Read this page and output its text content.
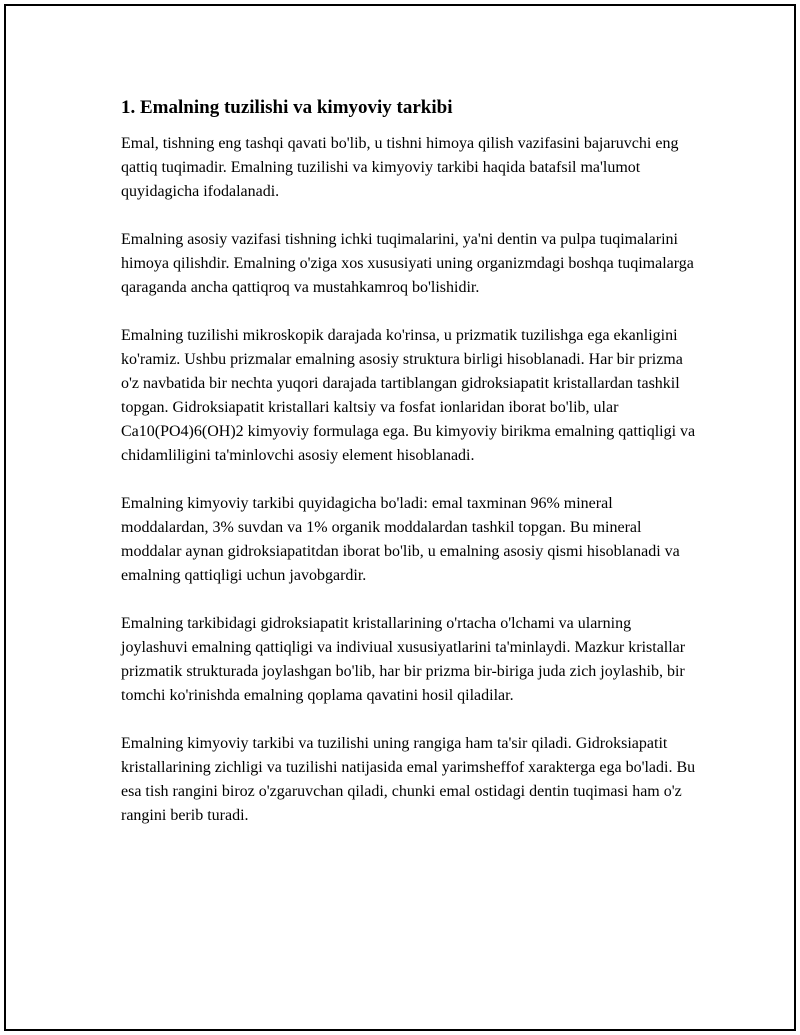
1. Emalning tuzilishi va kimyoviy tarkibi

Emal, tishning eng tashqi qavati bo'lib, u tishni himoya qilish vazifasini bajaruvchi eng qattiq tuqimadir. Emalning tuzilishi va kimyoviy tarkibi haqida batafsil ma'lumot quyidagicha ifodalanadi.

Emalning asosiy vazifasi tishning ichki tuqimalarini, ya'ni dentin va pulpa tuqimalarini himoya qilishdir. Emalning o'ziga xos xususiyati uning organizmdagi boshqa tuqimalarga qaraganda ancha qattiqroq va mustahkamroq bo'lishidir.

Emalning tuzilishi mikroskopik darajada ko'rinsa, u prizmatik tuzilishga ega ekanligini ko'ramiz. Ushbu prizmalar emalning asosiy struktura birligi hisoblanadi. Har bir prizma o'z navbatida bir nechta yuqori darajada tartiblangan gidroksiapatit kristallardan tashkil topgan. Gidroksiapatit kristallari kaltsiy va fosfat ionlaridan iborat bo'lib, ular Ca10(PO4)6(OH)2 kimyoviy formulaga ega. Bu kimyoviy birikma emalning qattiqligi va chidamliligini ta'minlovchi asosiy element hisoblanadi.

Emalning kimyoviy tarkibi quyidagicha bo'ladi: emal taxminan 96% mineral moddalardan, 3% suvdan va 1% organik moddalardan tashkil topgan. Bu mineral moddalar aynan gidroksiapatitdan iborat bo'lib, u emalning asosiy qismi hisoblanadi va emalning qattiqligi uchun javobgardir.

Emalning tarkibidagi gidroksiapatit kristallarining o'rtacha o'lchami va ularning joylashuvi emalning qattiqligi va indiviual xususiyatlarini ta'minlaydi. Mazkur kristallar prizmatik strukturada joylashgan bo'lib, har bir prizma bir-biriga juda zich joylashib, bir tomchi ko'rinishda emalning qoplama qavatini hosil qiladilar.

Emalning kimyoviy tarkibi va tuzilishi uning rangiga ham ta'sir qiladi. Gidroksiapatit kristallarining zichligi va tuzilishi natijasida emal yarimsheffof xarakterga ega bo'ladi. Bu esa tish rangini biroz o'zgaruvchan qiladi, chunki emal ostidagi dentin tuqimasi ham o'z rangini berib turadi.
